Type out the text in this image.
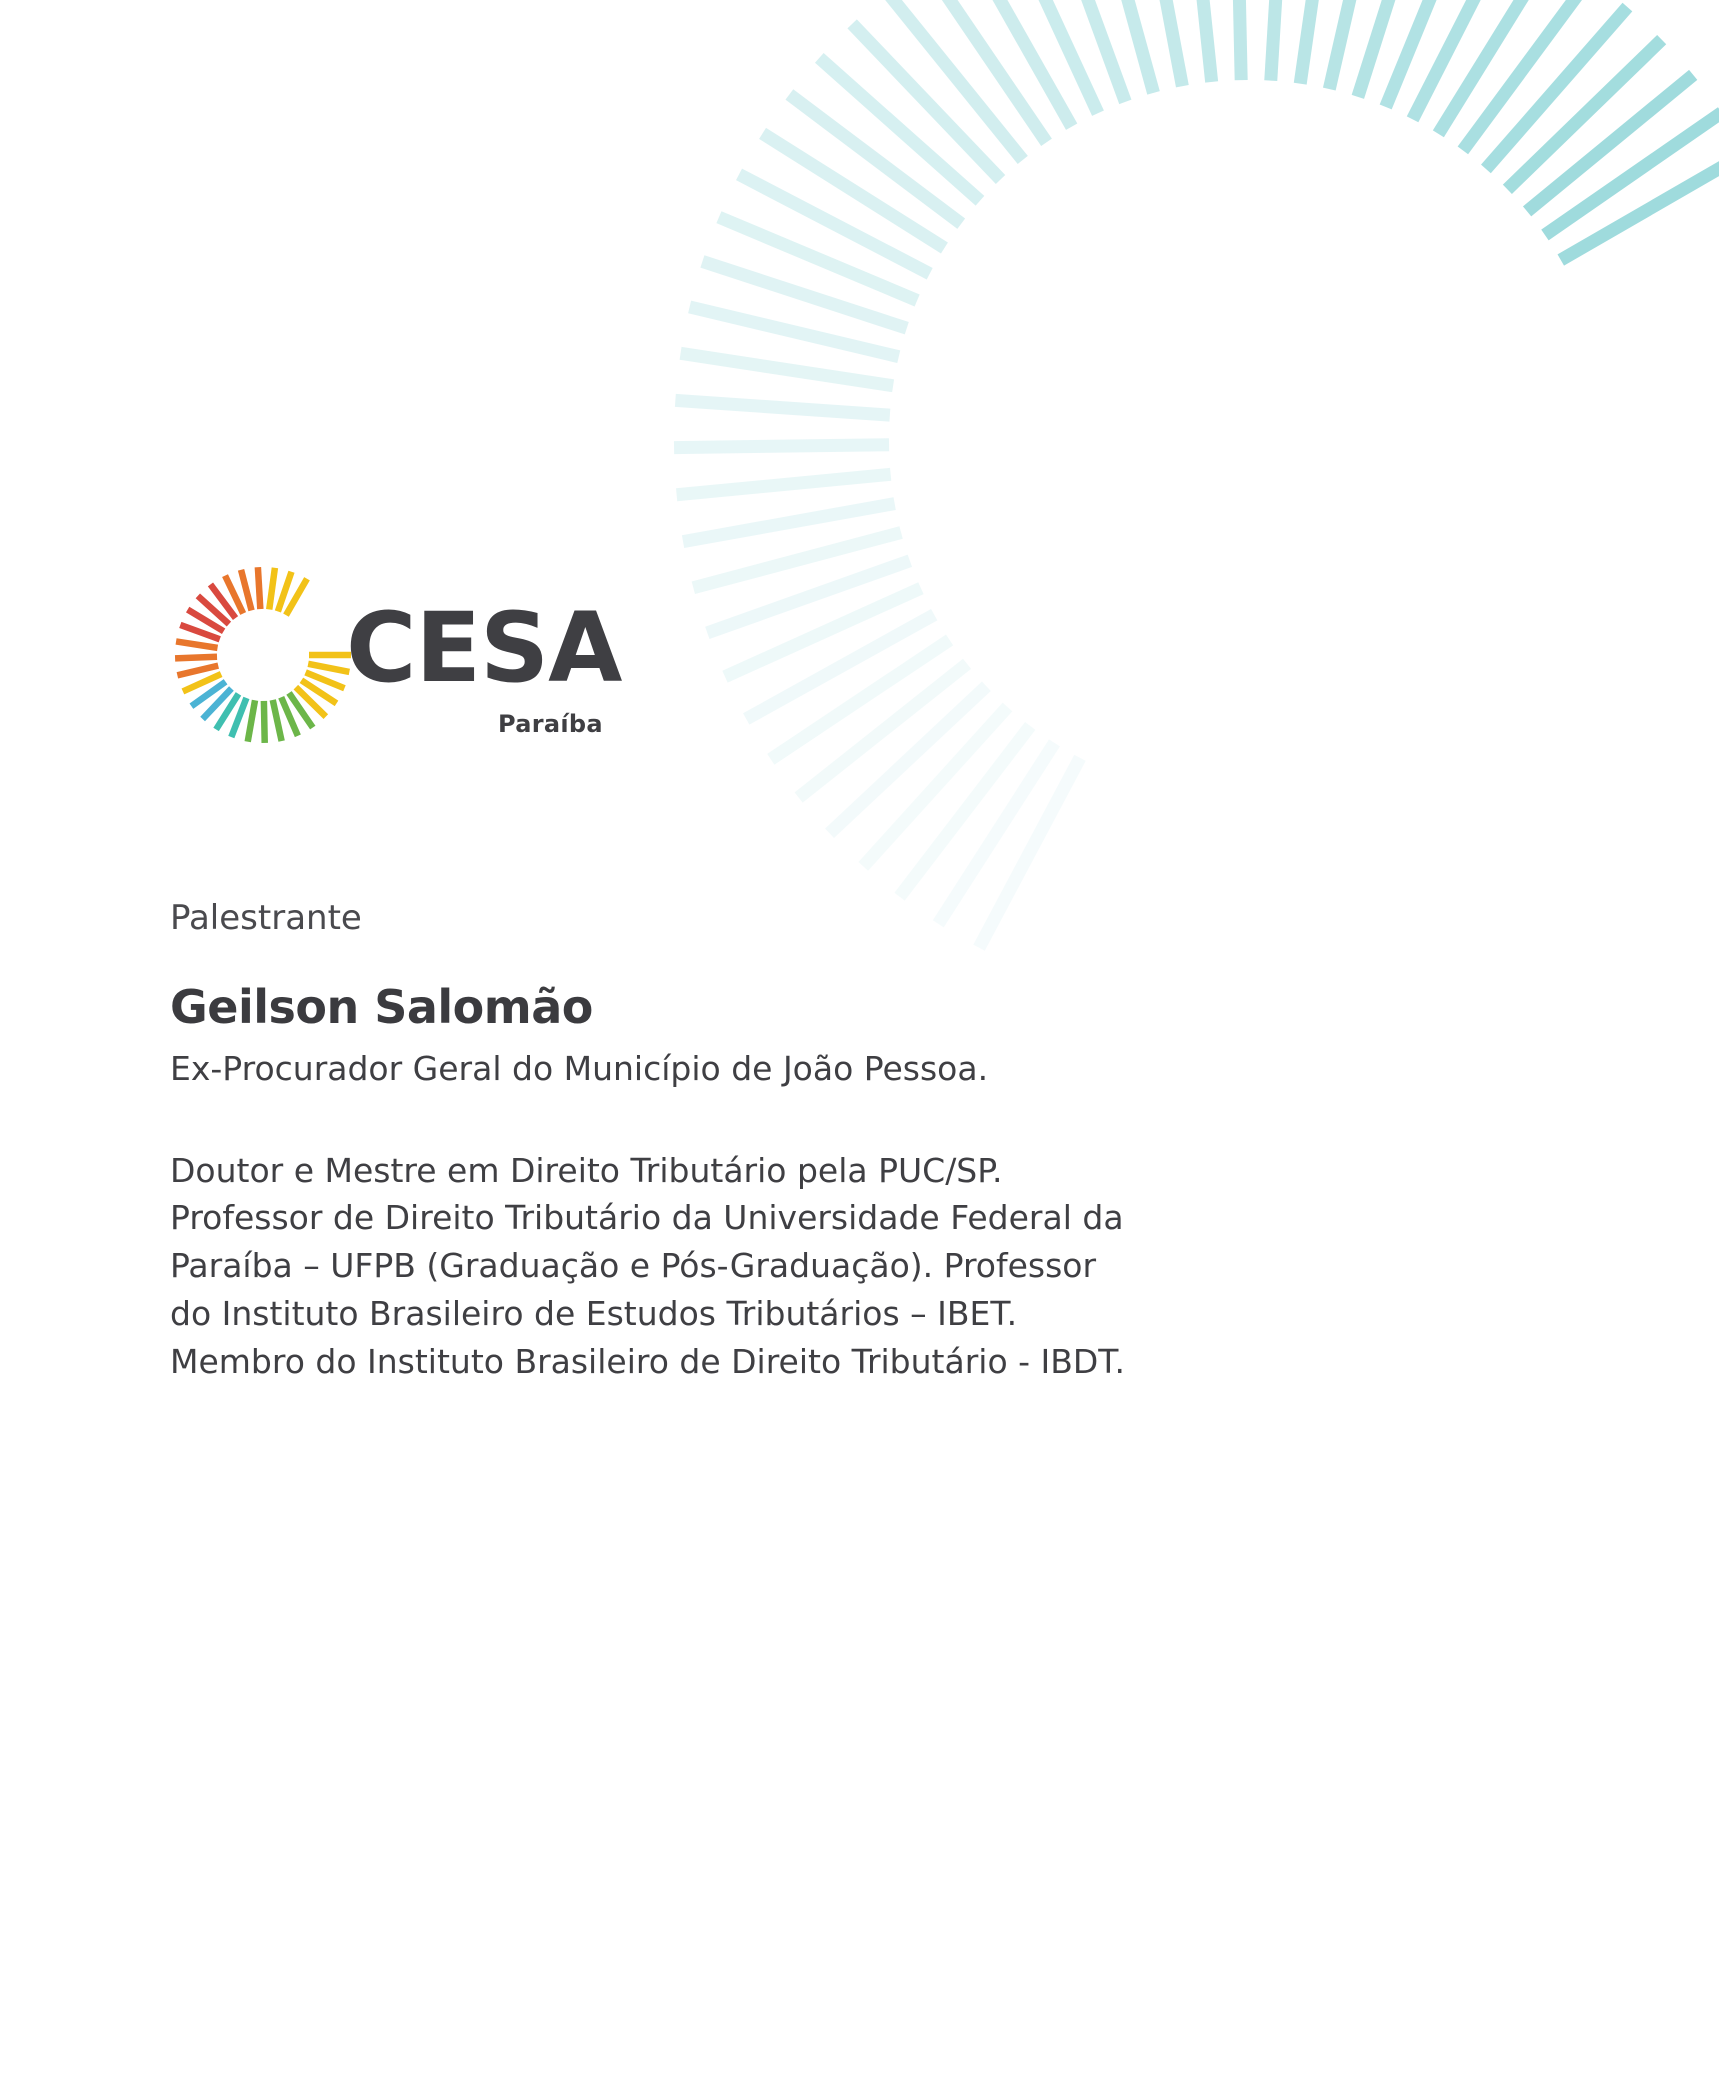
CESA
Paraíba

Palestrante

Geilson Salomão

Ex-Procurador Geral do Município de João Pessoa.

Doutor e Mestre em Direito Tributário pela PUC/SP.
Professor de Direito Tributário da Universidade Federal da
Paraíba – UFPB (Graduação e Pós-Graduação). Professor
do Instituto Brasileiro de Estudos Tributários – IBET.
Membro do Instituto Brasileiro de Direito Tributário - IBDT.
